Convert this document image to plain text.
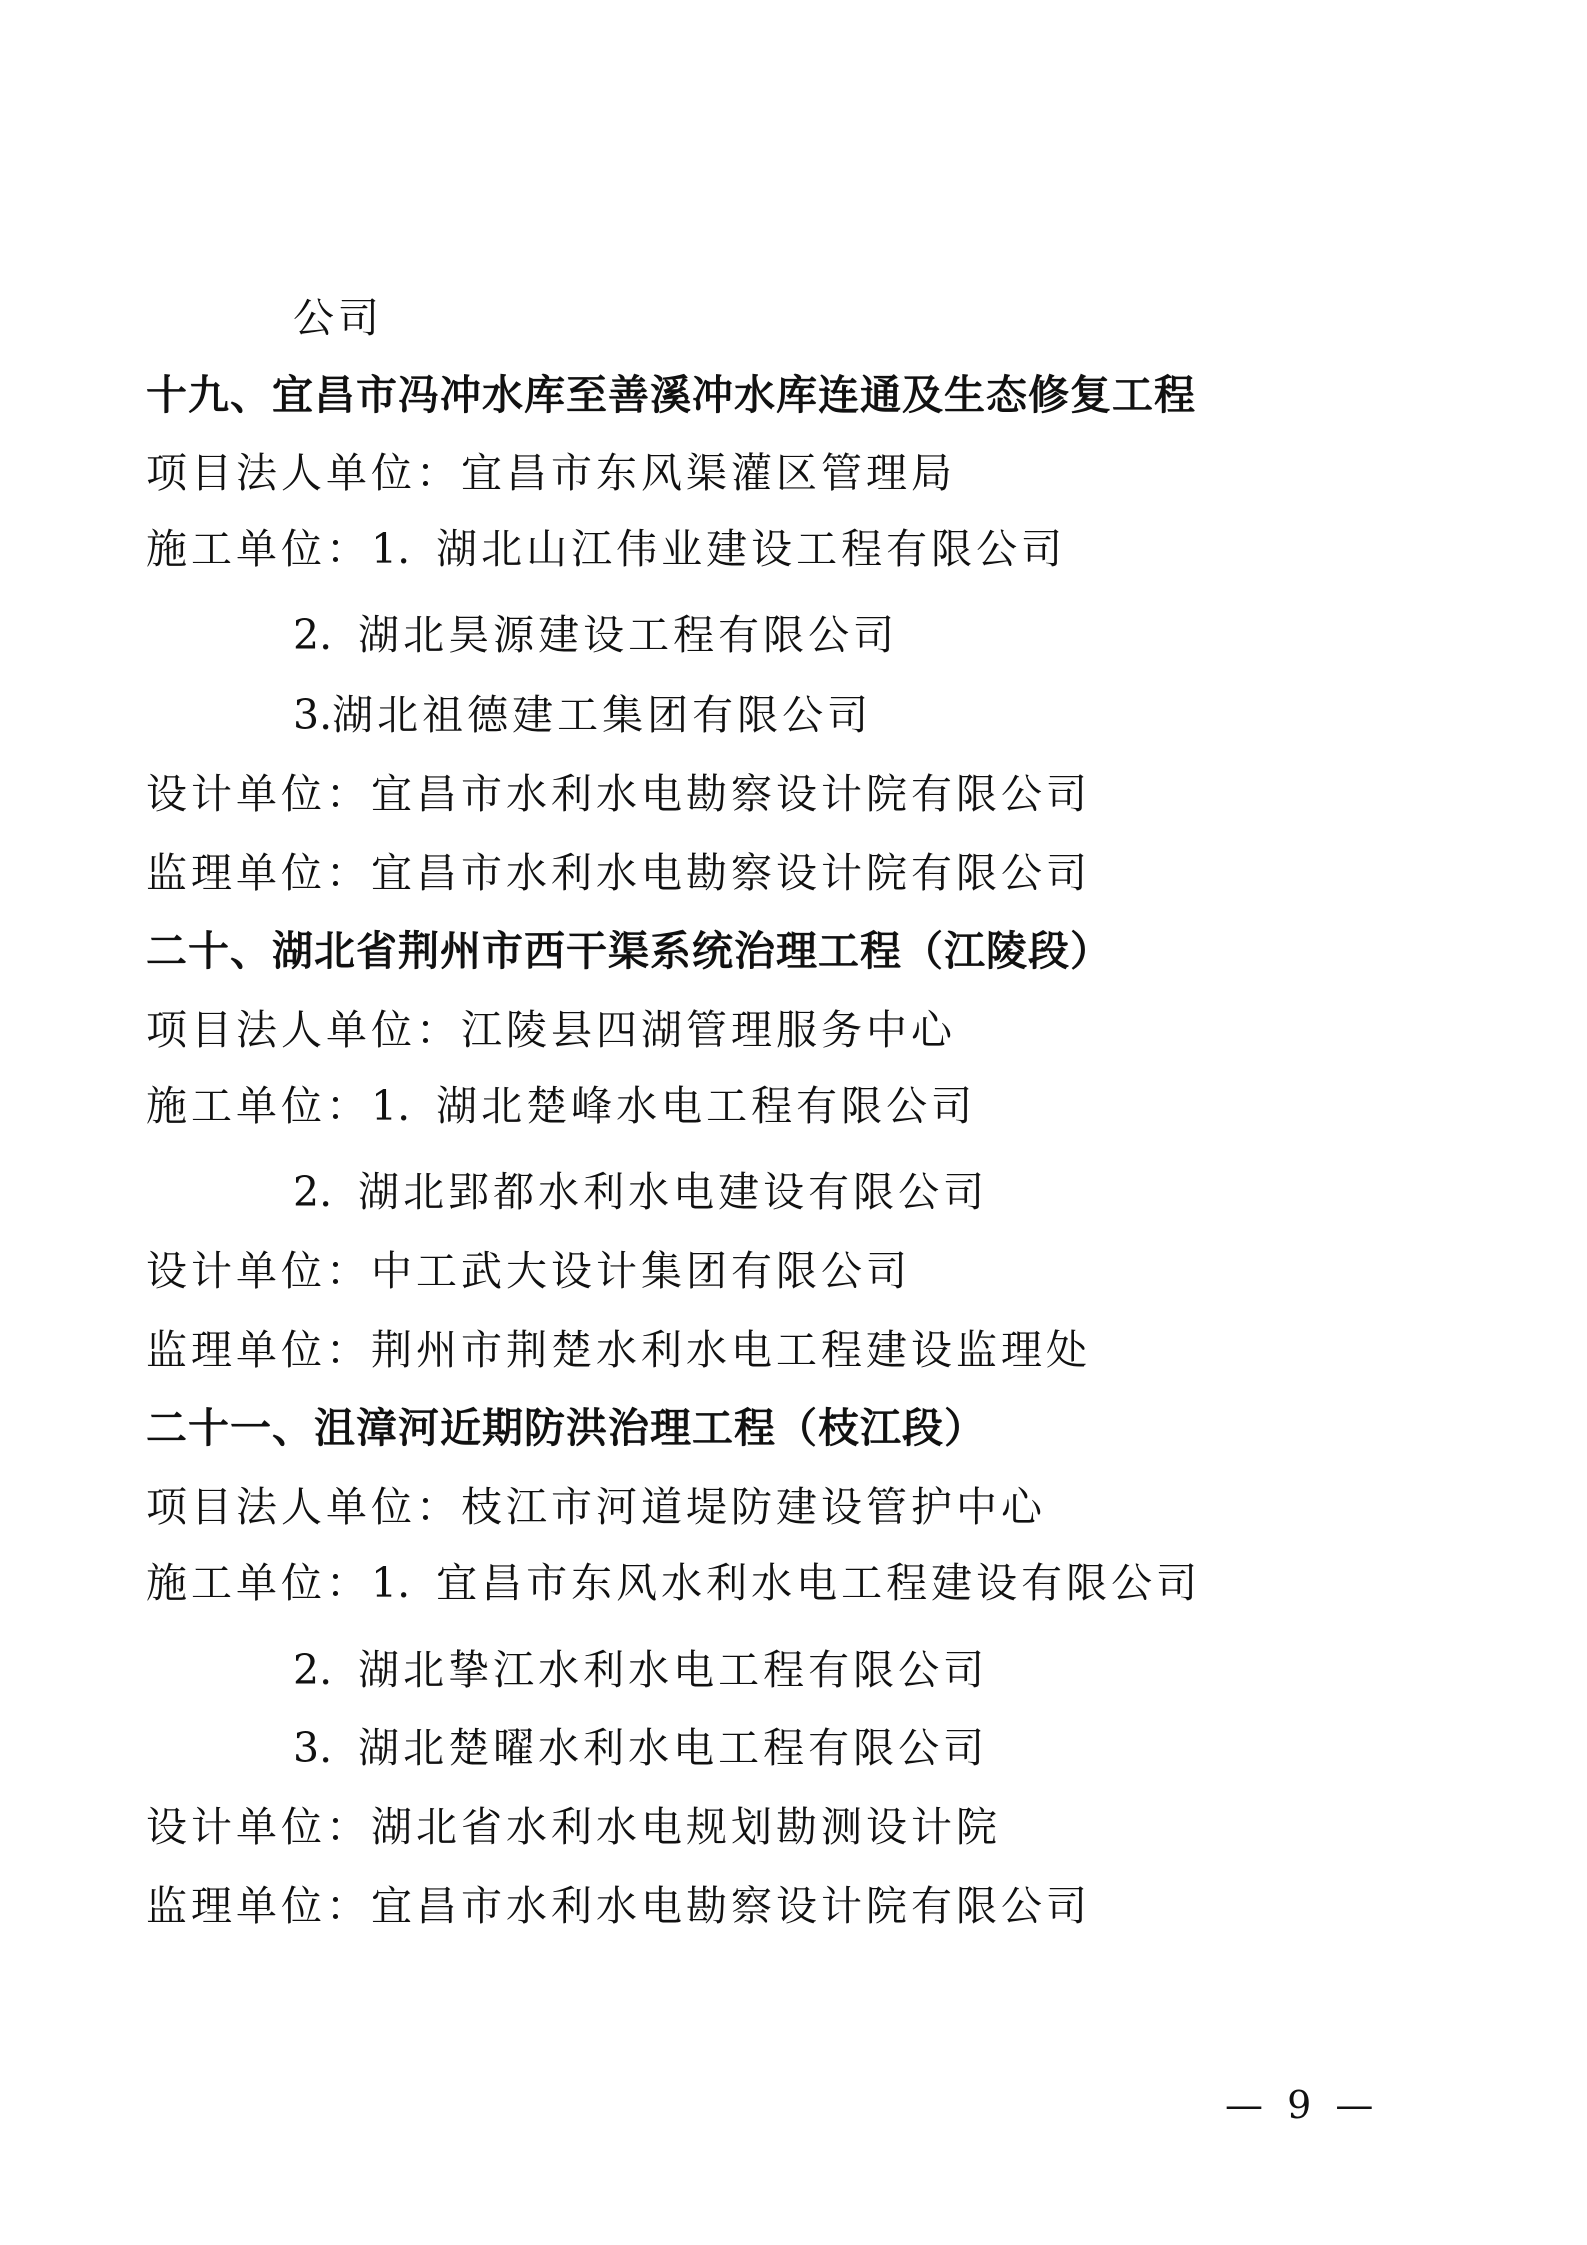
公司
十九、宜昌市冯冲水库至善溪冲水库连通及生态修复工程
项目法人单位：宜昌市东风渠灌区管理局
施工单位：1. 湖北山江伟业建设工程有限公司
2. 湖北昊源建设工程有限公司
3.湖北祖德建工集团有限公司
设计单位：宜昌市水利水电勘察设计院有限公司
监理单位：宜昌市水利水电勘察设计院有限公司
二十、湖北省荆州市西干渠系统治理工程（江陵段）
项目法人单位：江陵县四湖管理服务中心
施工单位：1. 湖北楚峰水电工程有限公司
2. 湖北郢都水利水电建设有限公司
设计单位：中工武大设计集团有限公司
监理单位：荆州市荆楚水利水电工程建设监理处
二十一、沮漳河近期防洪治理工程（枝江段）
项目法人单位：枝江市河道堤防建设管护中心
施工单位：1. 宜昌市东风水利水电工程建设有限公司
2. 湖北挚江水利水电工程有限公司
3. 湖北楚曜水利水电工程有限公司
设计单位：湖北省水利水电规划勘测设计院
监理单位：宜昌市水利水电勘察设计院有限公司
— 9 —
